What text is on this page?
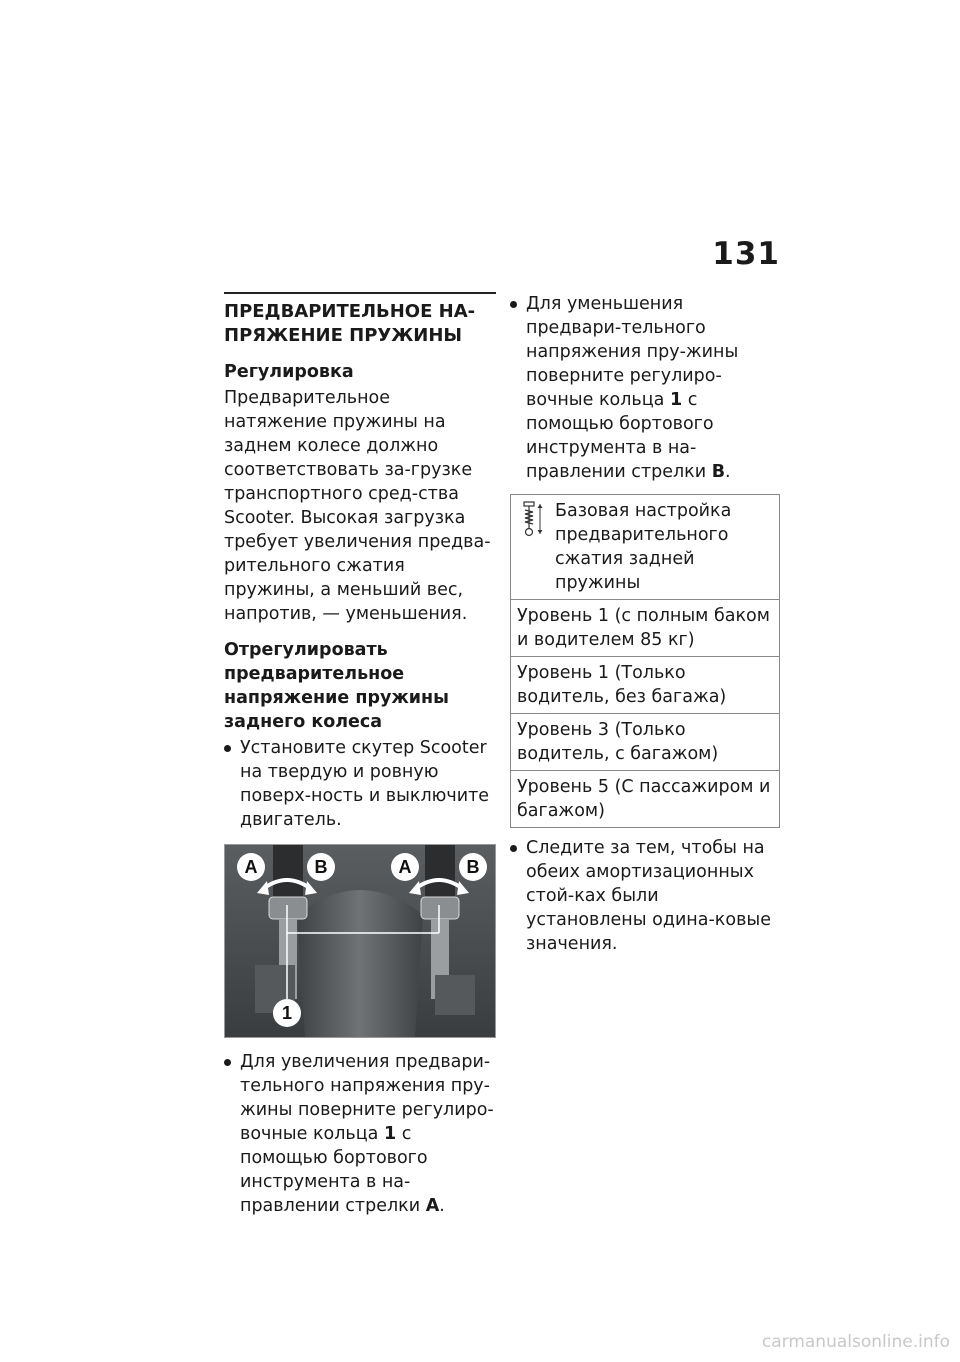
131
ПРЕДВАРИТЕЛЬНОЕ НА-ПРЯЖЕНИЕ ПРУЖИНЫ
Регулировка

Предварительное натяжение пружины на заднем колесе должно соответствовать за-грузке транспортного сред-ства Scooter. Высокая загрузка требует увеличения предва-рительного сжатия пружины, а меньший вес, напротив, — уменьшения.

Отрегулировать предварительное напряжение пружины заднего колеса

Установите скутер Scooter на твердую и ровную поверх-ность и выключите двигатель.

A	B	A	B
1

Для увеличения предвари-тельного напряжения пру-жины поверните регулиро-вочные кольца 1 с помощью бортового инструмента в на-правлении стрелки A.

Для уменьшения предвари-тельного напряжения пру-жины поверните регулиро-вочные кольца 1 с помощью бортового инструмента в на-правлении стрелки B.

Базовая настройка предварительного сжатия задней пружины
Уровень 1 (с полным баком и водителем 85 кг)
Уровень 1 (Только водитель, без багажа)
Уровень 3 (Только водитель, с багажом)
Уровень 5 (С пассажиром и багажом)

Следите за тем, чтобы на обеих амортизационных стой-ках были установлены одина-ковые значения.

carmanualsonline.info
